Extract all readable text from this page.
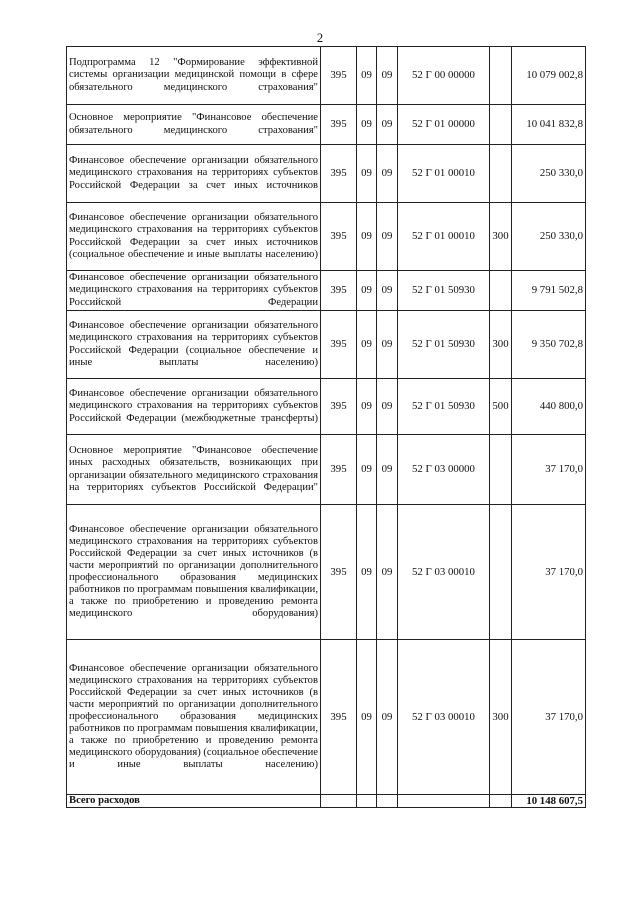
2
Подпрограмма 12 "Формирование эффективной системы организации медицинской помощи в сфере обязательного медицинского страхования"	395	09	09	52 Г 00 00000		10 079 002,8
Основное мероприятие "Финансовое обеспечение обязательного медицинского страхования"	395	09	09	52 Г 01 00000		10 041 832,8
Финансовое обеспечение организации обязательного медицинского страхования на территориях субъектов Российской Федерации за счет иных источников	395	09	09	52 Г 01 00010		250 330,0
Финансовое обеспечение организации обязательного медицинского страхования на территориях субъектов Российской Федерации за счет иных источников (социальное обеспечение и иные выплаты населению)	395	09	09	52 Г 01 00010	300	250 330,0
Финансовое обеспечение организации обязательного медицинского страхования на территориях субъектов Российской Федерации	395	09	09	52 Г 01 50930		9 791 502,8
Финансовое обеспечение организации обязательного медицинского страхования на территориях субъектов Российской Федерации (социальное обеспечение и иные выплаты населению)	395	09	09	52 Г 01 50930	300	9 350 702,8
Финансовое обеспечение организации обязательного медицинского страхования на территориях субъектов Российской Федерации (межбюджетные трансферты)	395	09	09	52 Г 01 50930	500	440 800,0
Основное мероприятие "Финансовое обеспечение иных расходных обязательств, возникающих при организации обязательного медицинского страхования на территориях субъектов Российской Федерации"	395	09	09	52 Г 03 00000		37 170,0
Финансовое обеспечение организации обязательного медицинского страхования на территориях субъектов Российской Федерации за счет иных источников (в части мероприятий по организации дополнительного профессионального образования медицинских работников по программам повышения квалификации, а также по приобретению и проведению ремонта медицинского оборудования)	395	09	09	52 Г 03 00010		37 170,0
Финансовое обеспечение организации обязательного медицинского страхования на территориях субъектов Российской Федерации за счет иных источников (в части мероприятий по организации дополнительного профессионального образования медицинских работников по программам повышения квалификации, а также по приобретению и проведению ремонта медицинского оборудования) (социальное обеспечение и иные выплаты населению)	395	09	09	52 Г 03 00010	300	37 170,0
Всего расходов						10 148 607,5
